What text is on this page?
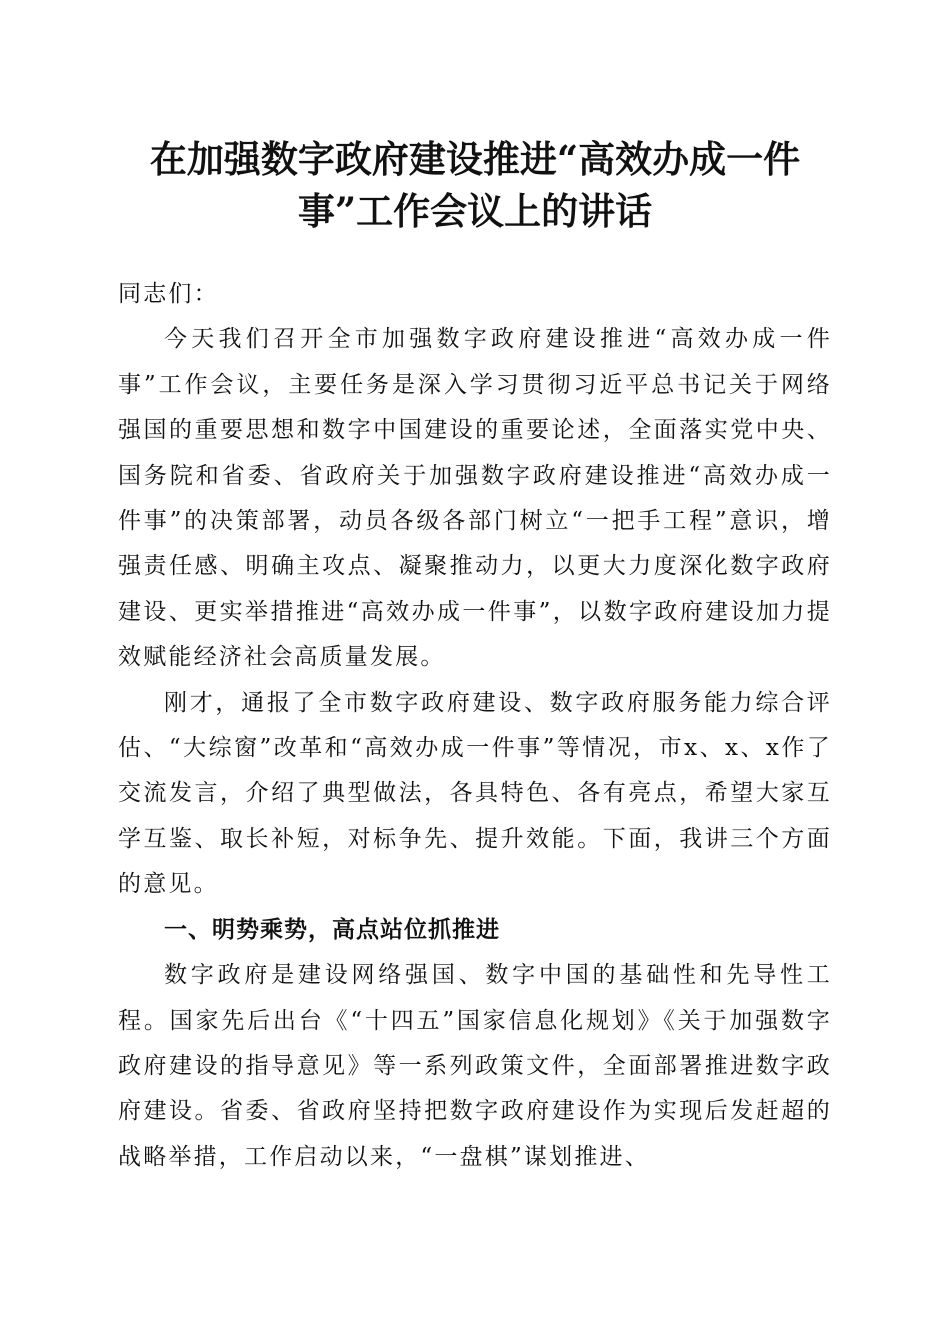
在加强数字政府建设推进“高效办成一件
事”工作会议上的讲话

同志们：

今天我们召开全市加强数字政府建设推进“高效办成一件事”工作会议，主要任务是深入学习贯彻习近平总书记关于网络强国的重要思想和数字中国建设的重要论述，全面落实党中央、国务院和省委、省政府关于加强数字政府建设推进“高效办成一件事”的决策部署，动员各级各部门树立“一把手工程”意识，增强责任感、明确主攻点、凝聚推动力，以更大力度深化数字政府建设、更实举措推进“高效办成一件事”，以数字政府建设加力提效赋能经济社会高质量发展。

刚才，通报了全市数字政府建设、数字政府服务能力综合评估、“大综窗”改革和“高效办成一件事”等情况，市x、x、x作了交流发言，介绍了典型做法，各具特色、各有亮点，希望大家互学互鉴、取长补短，对标争先、提升效能。下面，我讲三个方面的意见。

一、明势乘势，高点站位抓推进

数字政府是建设网络强国、数字中国的基础性和先导性工程。国家先后出台《“十四五”国家信息化规划》《关于加强数字政府建设的指导意见》等一系列政策文件，全面部署推进数字政府建设。省委、省政府坚持把数字政府建设作为实现后发赶超的战略举措，工作启动以来，“一盘棋”谋划推进、
